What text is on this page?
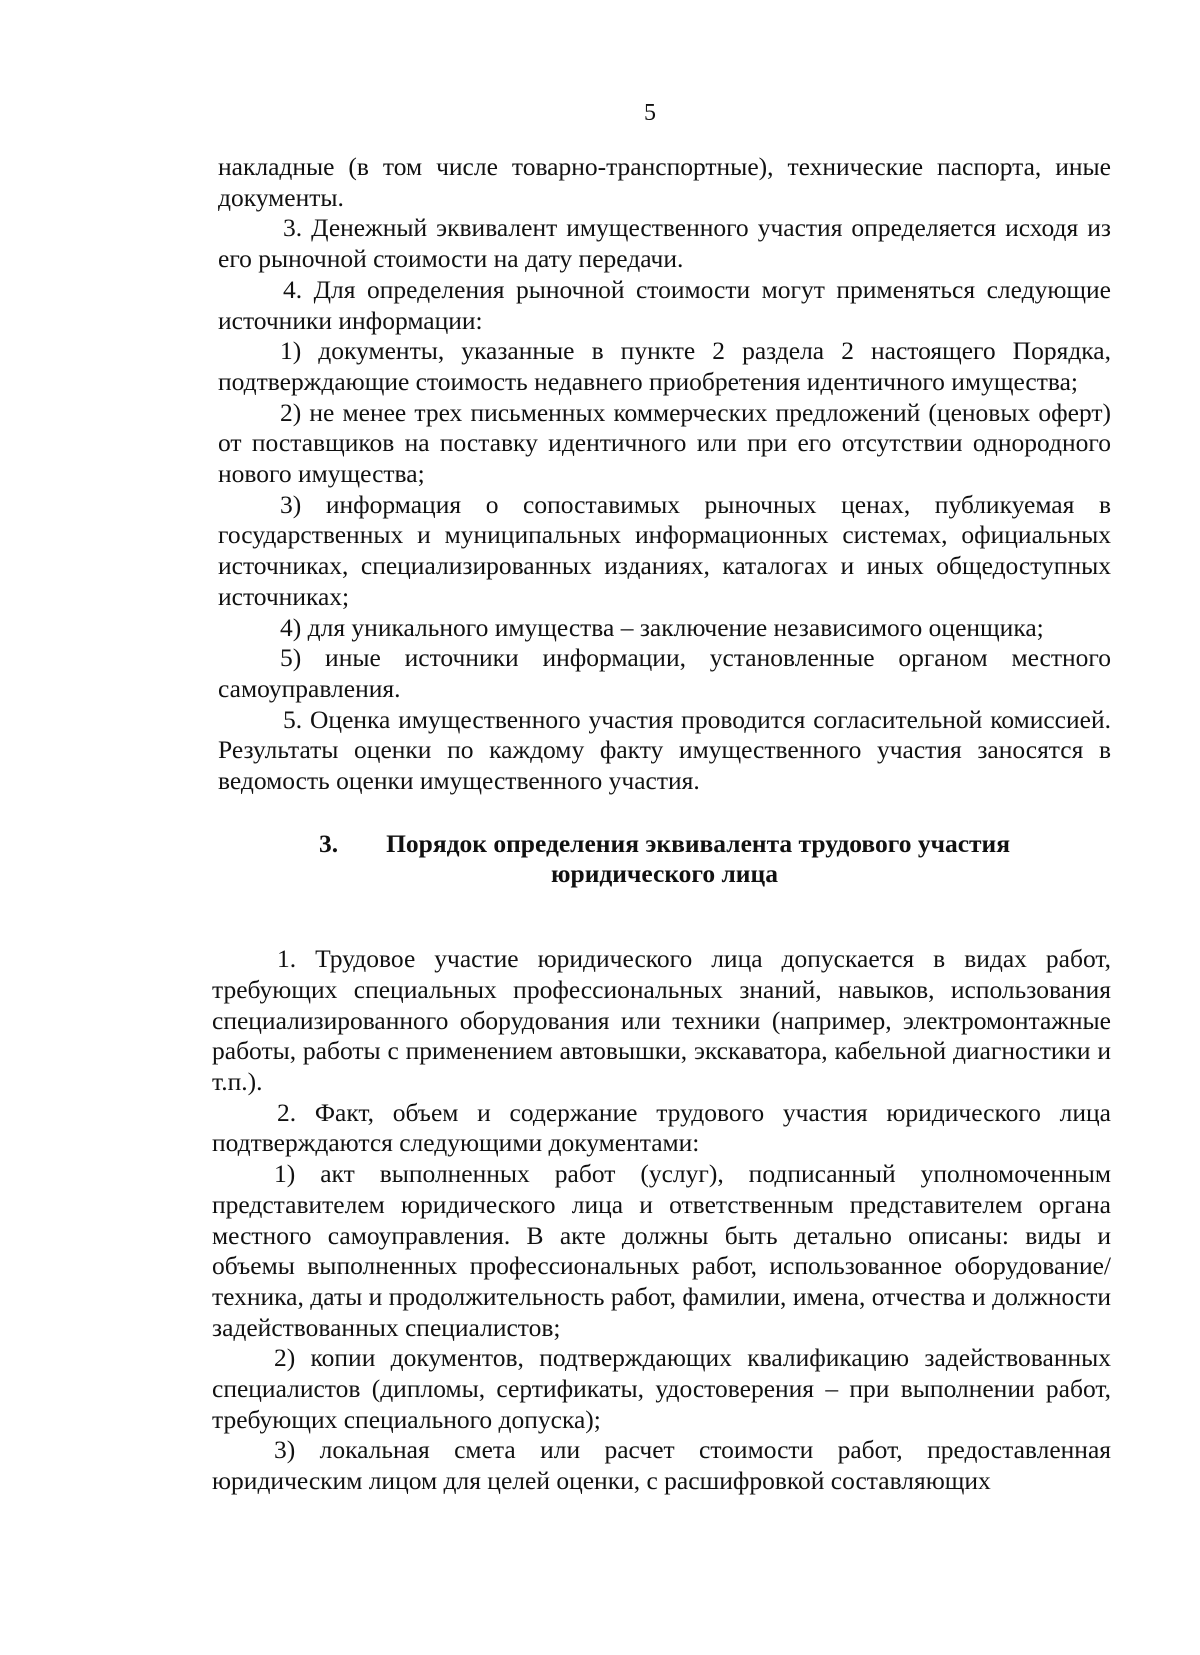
5

накладные (в том числе товарно-транспортные), технические паспорта, иные документы.

3. Денежный эквивалент имущественного участия определяется исходя из его рыночной стоимости на дату передачи.

4. Для определения рыночной стоимости могут применяться следующие источники информации:

1) документы, указанные в пункте 2 раздела 2 настоящего Порядка, подтверждающие стоимость недавнего приобретения идентичного имущества;

2) не менее трех письменных коммерческих предложений (ценовых оферт) от поставщиков на поставку идентичного или при его отсутствии однородного нового имущества;

3) информация о сопоставимых рыночных ценах, публикуемая в государственных и муниципальных информационных системах, официальных источниках, специализированных изданиях, каталогах и иных общедоступных источниках;

4) для уникального имущества – заключение независимого оценщика;

5) иные источники информации, установленные органом местного самоуправления.

5. Оценка имущественного участия проводится согласительной комиссией. Результаты оценки по каждому факту имущественного участия заносятся в ведомость оценки имущественного участия.

3. Порядок определения эквивалента трудового участия
юридического лица

1. Трудовое участие юридического лица допускается в видах работ, требующих специальных профессиональных знаний, навыков, использования специализированного оборудования или техники (например, электромонтажные работы, работы с применением автовышки, экскаватора, кабельной диагностики и т.п.).

2. Факт, объем и содержание трудового участия юридического лица подтверждаются следующими документами:

1) акт выполненных работ (услуг), подписанный уполномоченным представителем юридического лица и ответственным представителем органа местного самоуправления. В акте должны быть детально описаны: виды и объемы выполненных профессиональных работ, использованное оборудование/техника, даты и продолжительность работ, фамилии, имена, отчества и должности задействованных специалистов;

2) копии документов, подтверждающих квалификацию задействованных специалистов (дипломы, сертификаты, удостоверения – при выполнении работ, требующих специального допуска);

3) локальная смета или расчет стоимости работ, предоставленная юридическим лицом для целей оценки, с расшифровкой составляющих
